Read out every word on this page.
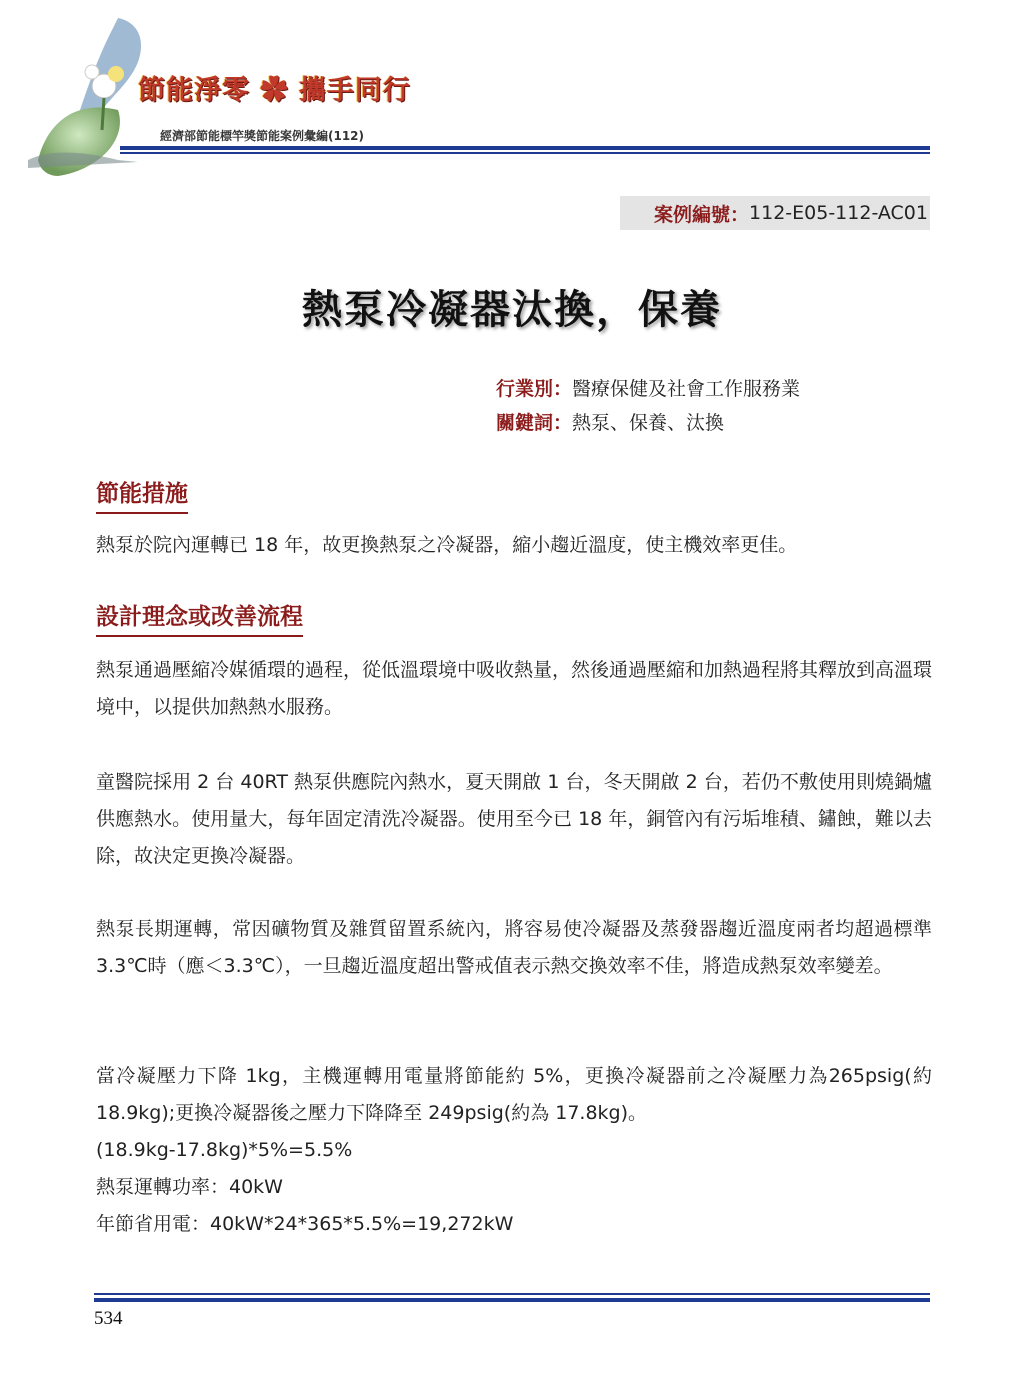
節能淨零 ✿ 攜手同行
經濟部節能標竿獎節能案例彙編(112)
案例編號： 112-E05-112-AC01
熱泵冷凝器汰換，保養
行業別：醫療保健及社會工作服務業
關鍵詞：熱泵、保養、汰換
節能措施
熱泵於院內運轉已 18 年，故更換熱泵之冷凝器，縮小趨近溫度，使主機效率更佳。
設計理念或改善流程
熱泵通過壓縮冷媒循環的過程，從低溫環境中吸收熱量，然後通過壓縮和加熱過程將其釋放到高溫環境中，以提供加熱熱水服務。
童醫院採用 2 台 40RT 熱泵供應院內熱水，夏天開啟 1 台，冬天開啟 2 台，若仍不敷使用則燒鍋爐供應熱水。使用量大，每年固定清洗冷凝器。使用至今已 18 年，銅管內有污垢堆積、鏽蝕，難以去除，故決定更換冷凝器。
熱泵長期運轉，常因礦物質及雜質留置系統內，將容易使冷凝器及蒸發器趨近溫度兩者均超過標準 3.3℃時（應＜3.3℃），一旦趨近溫度超出警戒值表示熱交換效率不佳，將造成熱泵效率變差。
當冷凝壓力下降 1kg，主機運轉用電量將節能約 5%，更換冷凝器前之冷凝壓力為265psig(約 18.9kg);更換冷凝器後之壓力下降降至 249psig(約為 17.8kg)。
(18.9kg-17.8kg)*5%=5.5%
熱泵運轉功率：40kW
年節省用電：40kW*24*365*5.5%=19,272kW
534
